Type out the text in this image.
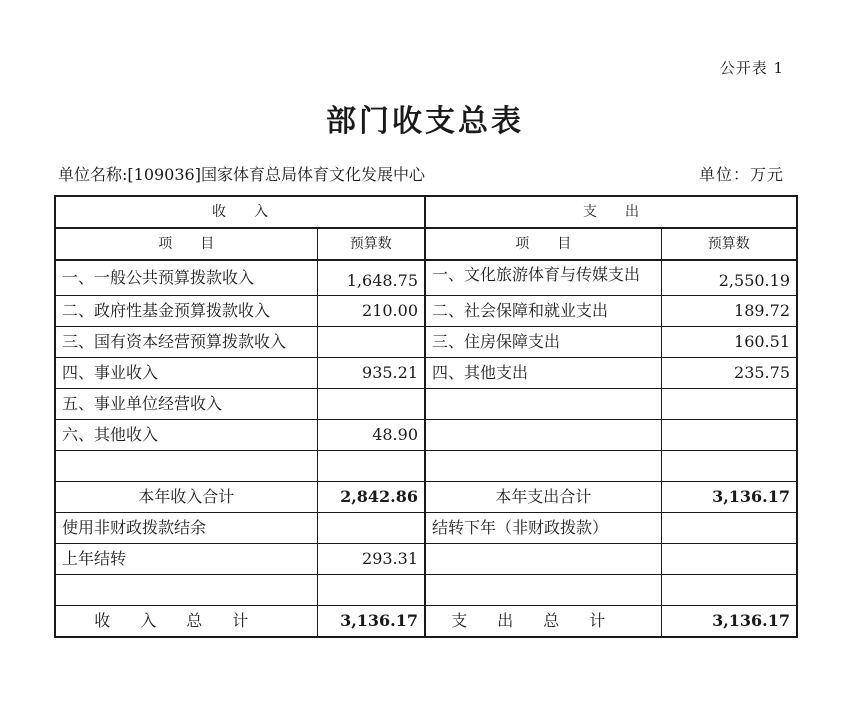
公开表 1
部门收支总表
单位名称:[109036]国家体育总局体育文化发展中心	单位：万元
收　　入		支　　出	
项　　目	预算数	项　　目	预算数
一、一般公共预算拨款收入	1,648.75	一、文化旅游体育与传媒支出	2,550.19
二、政府性基金预算拨款收入	210.00	二、社会保障和就业支出	189.72
三、国有资本经营预算拨款收入		三、住房保障支出	160.51
四、事业收入	935.21	四、其他支出	235.75
五、事业单位经营收入			
六、其他收入	48.90		

本年收入合计	2,842.86	本年支出合计	3,136.17
使用非财政拨款结余		结转下年（非财政拨款）	
上年结转	293.31		

收入总计	3,136.17	支出总计	3,136.17
